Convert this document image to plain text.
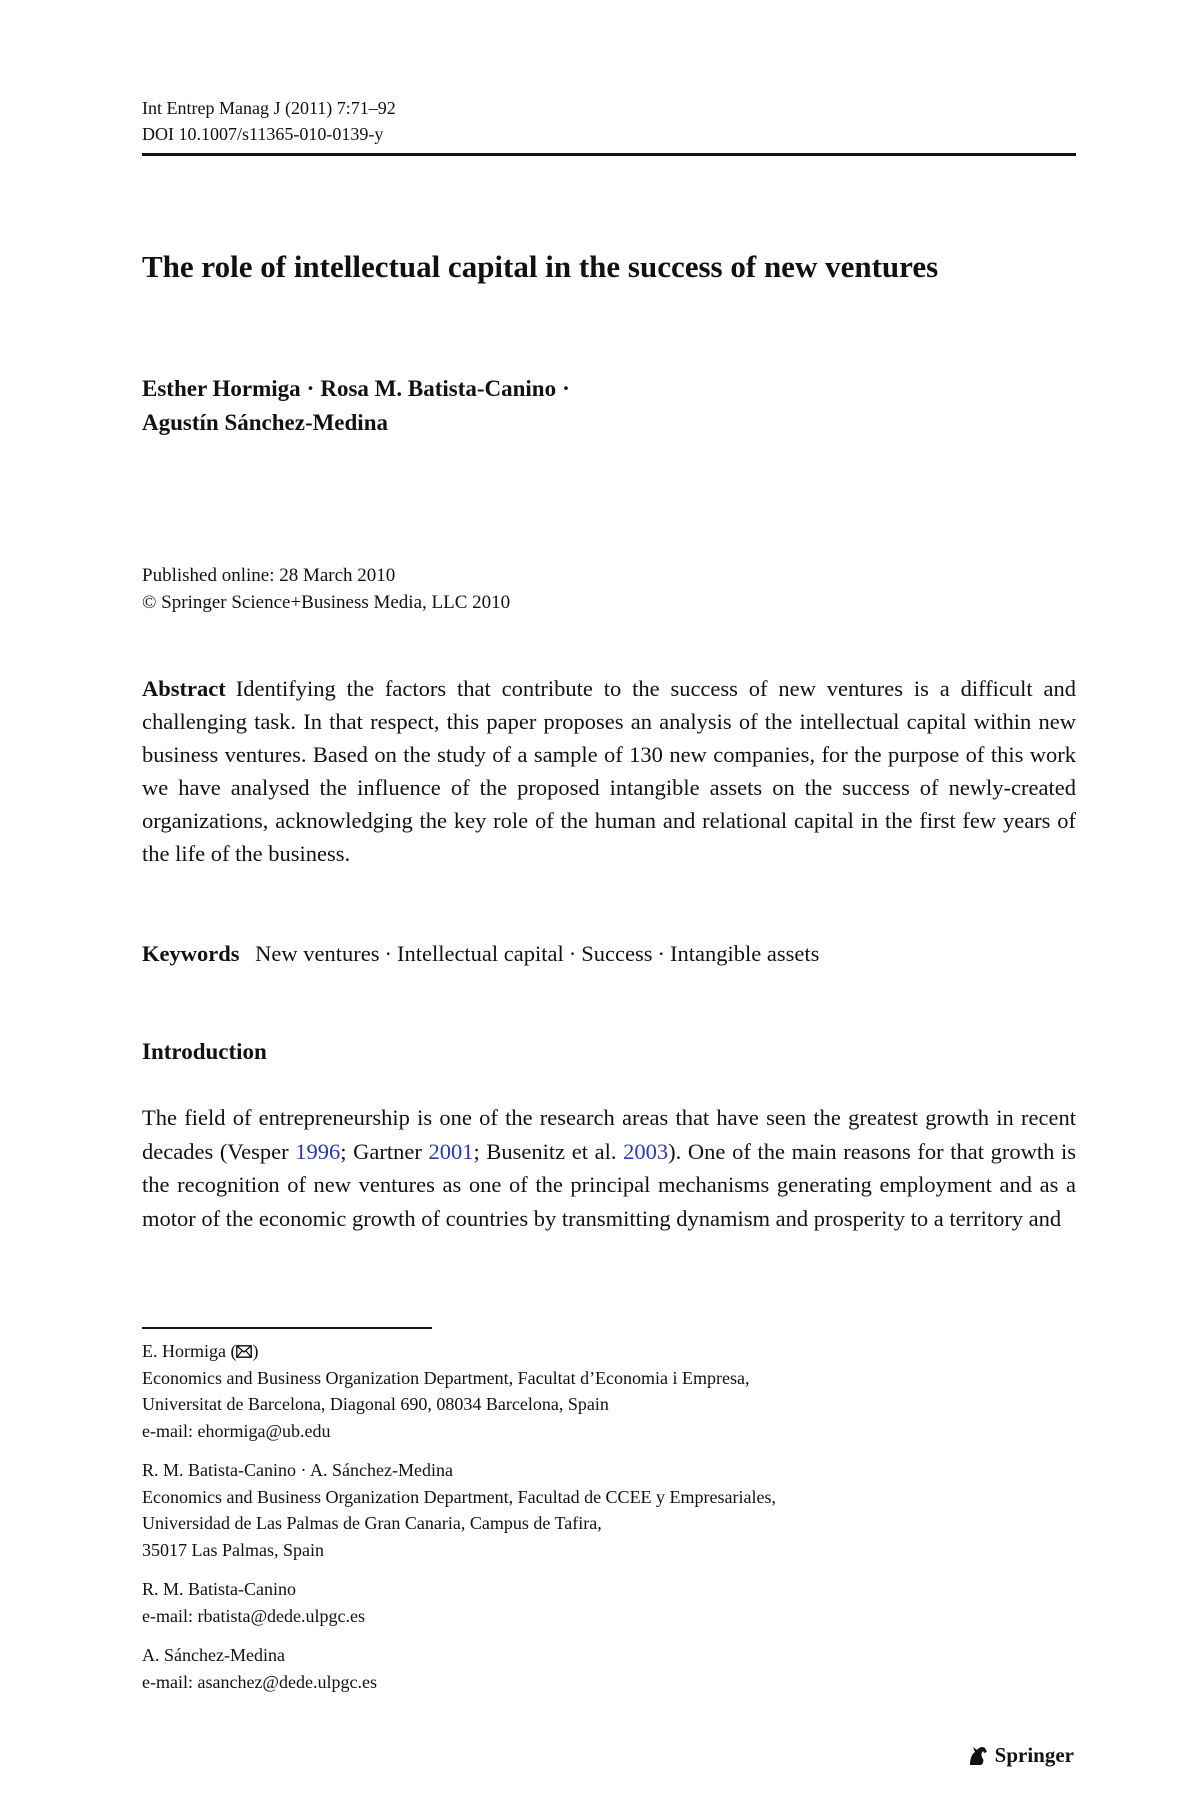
Int Entrep Manag J (2011) 7:71–92
DOI 10.1007/s11365-010-0139-y
The role of intellectual capital in the success of new ventures
Esther Hormiga · Rosa M. Batista-Canino ·
Agustín Sánchez-Medina
Published online: 28 March 2010
© Springer Science+Business Media, LLC 2010

Abstract Identifying the factors that contribute to the success of new ventures is a difficult and challenging task. In that respect, this paper proposes an analysis of the intellectual capital within new business ventures. Based on the study of a sample of 130 new companies, for the purpose of this work we have analysed the influence of the proposed intangible assets on the success of newly-created organizations, acknowledging the key role of the human and relational capital in the first few years of the life of the business.

Keywords New ventures · Intellectual capital · Success · Intangible assets
Introduction

The field of entrepreneurship is one of the research areas that have seen the greatest growth in recent decades (Vesper 1996; Gartner 2001; Busenitz et al. 2003). One of the main reasons for that growth is the recognition of new ventures as one of the principal mechanisms generating employment and as a motor of the economic growth of countries by transmitting dynamism and prosperity to a territory and

E. Hormiga ( )
Economics and Business Organization Department, Facultat d’Economia i Empresa,
Universitat de Barcelona, Diagonal 690, 08034 Barcelona, Spain
e-mail: ehormiga@ub.edu
R. M. Batista-Canino · A. Sánchez-Medina
Economics and Business Organization Department, Facultad de CCEE y Empresariales,
Universidad de Las Palmas de Gran Canaria, Campus de Tafira,
35017 Las Palmas, Spain
R. M. Batista-Canino
e-mail: rbatista@dede.ulpgc.es
A. Sánchez-Medina
e-mail: asanchez@dede.ulpgc.es
Springer
